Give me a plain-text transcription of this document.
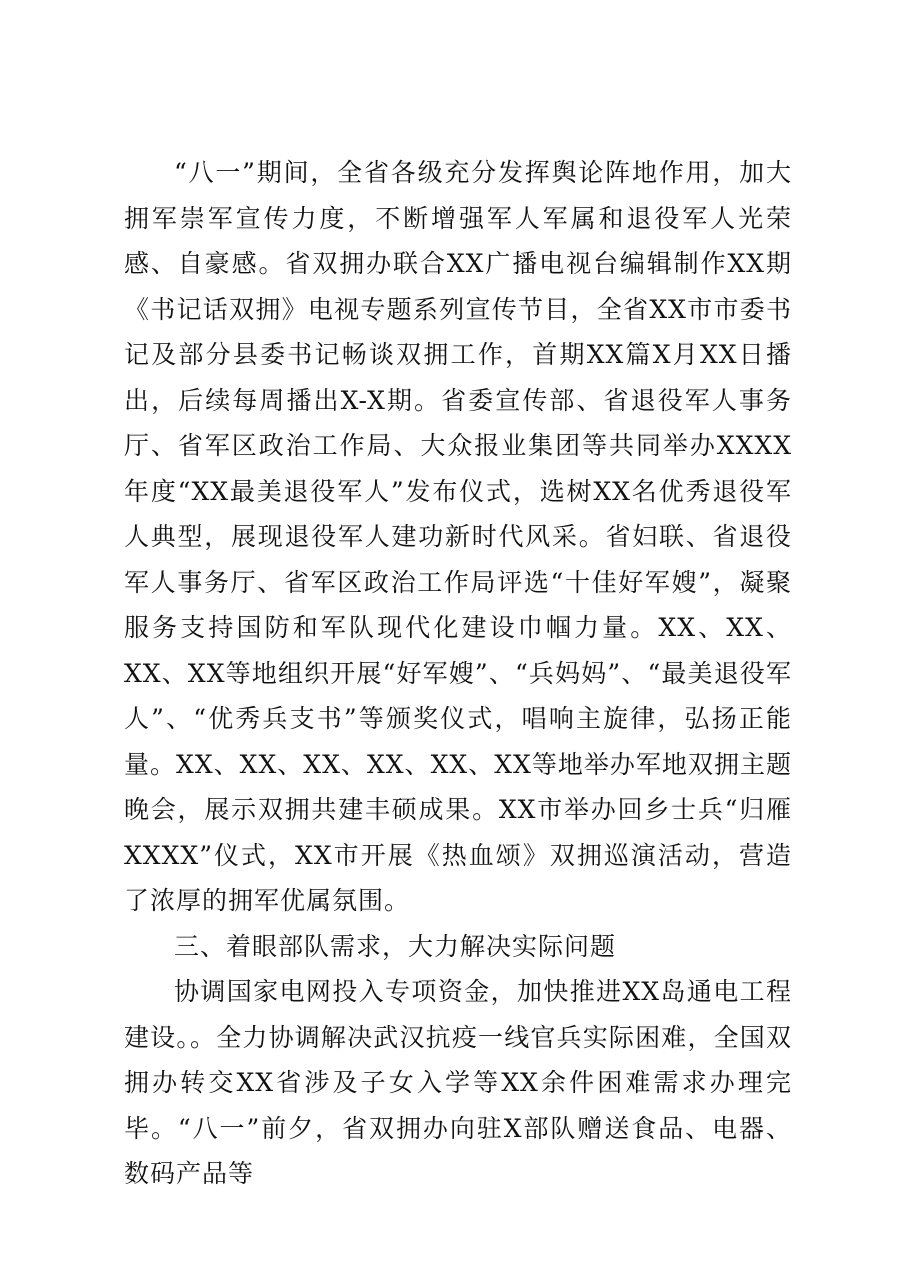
“八一”期间，全省各级充分发挥舆论阵地作用，加大拥军崇军宣传力度，不断增强军人军属和退役军人光荣感、自豪感。省双拥办联合XX广播电视台编辑制作XX期《书记话双拥》电视专题系列宣传节目，全省XX市市委书记及部分县委书记畅谈双拥工作，首期XX篇X月XX日播出，后续每周播出X-X期。省委宣传部、省退役军人事务厅、省军区政治工作局、大众报业集团等共同举办XXXX年度“XX最美退役军人”发布仪式，选树XX名优秀退役军人典型，展现退役军人建功新时代风采。省妇联、省退役军人事务厅、省军区政治工作局评选“十佳好军嫂”，凝聚服务支持国防和军队现代化建设巾帼力量。XX、XX、XX、XX等地组织开展“好军嫂”、“兵妈妈”、“最美退役军人”、“优秀兵支书”等颁奖仪式，唱响主旋律，弘扬正能量。XX、XX、XX、XX、XX、XX等地举办军地双拥主题晚会，展示双拥共建丰硕成果。XX市举办回乡士兵“归雁XXXX”仪式，XX市开展《热血颂》双拥巡演活动，营造了浓厚的拥军优属氛围。

三、着眼部队需求，大力解决实际问题

协调国家电网投入专项资金，加快推进XX岛通电工程建设。。全力协调解决武汉抗疫一线官兵实际困难，全国双拥办转交XX省涉及子女入学等XX余件困难需求办理完毕。“八一”前夕，省双拥办向驻X部队赠送食品、电器、数码产品等
